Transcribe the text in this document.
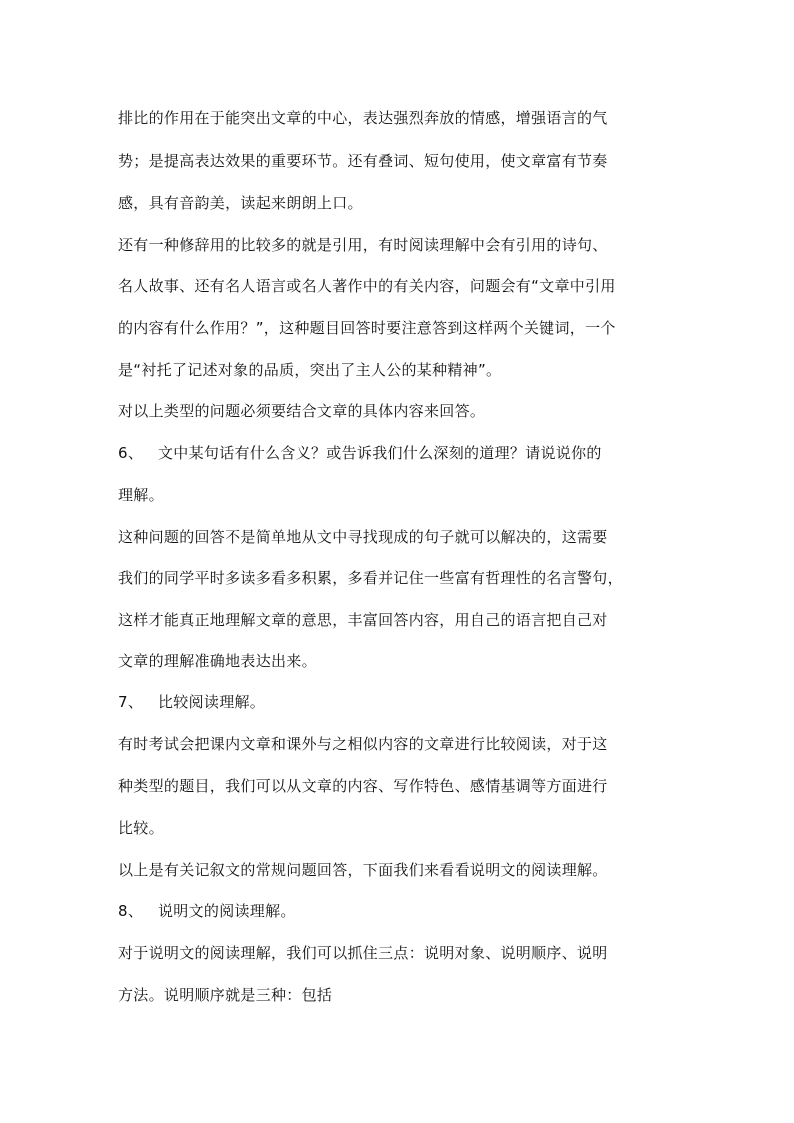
排比的作用在于能突出文章的中心，表达强烈奔放的情感，增强语言的气
势；是提高表达效果的重要环节。还有叠词、短句使用，使文章富有节奏
感，具有音韵美，读起来朗朗上口。
还有一种修辞用的比较多的就是引用，有时阅读理解中会有引用的诗句、
名人故事、还有名人语言或名人著作中的有关内容，问题会有“文章中引用
的内容有什么作用？”，这种题目回答时要注意答到这样两个关键词，一个
是“衬托了记述对象的品质，突出了主人公的某种精神”。
对以上类型的问题必须要结合文章的具体内容来回答。
6、 文中某句话有什么含义？或告诉我们什么深刻的道理？请说说你的
理解。
这种问题的回答不是简单地从文中寻找现成的句子就可以解决的，这需要
我们的同学平时多读多看多积累，多看并记住一些富有哲理性的名言警句，
这样才能真正地理解文章的意思，丰富回答内容，用自己的语言把自己对
文章的理解准确地表达出来。
7、 比较阅读理解。
有时考试会把课内文章和课外与之相似内容的文章进行比较阅读，对于这
种类型的题目，我们可以从文章的内容、写作特色、感情基调等方面进行
比较。
以上是有关记叙文的常规问题回答，下面我们来看看说明文的阅读理解。
8、 说明文的阅读理解。
对于说明文的阅读理解，我们可以抓住三点：说明对象、说明顺序、说明
方法。说明顺序就是三种：包括
